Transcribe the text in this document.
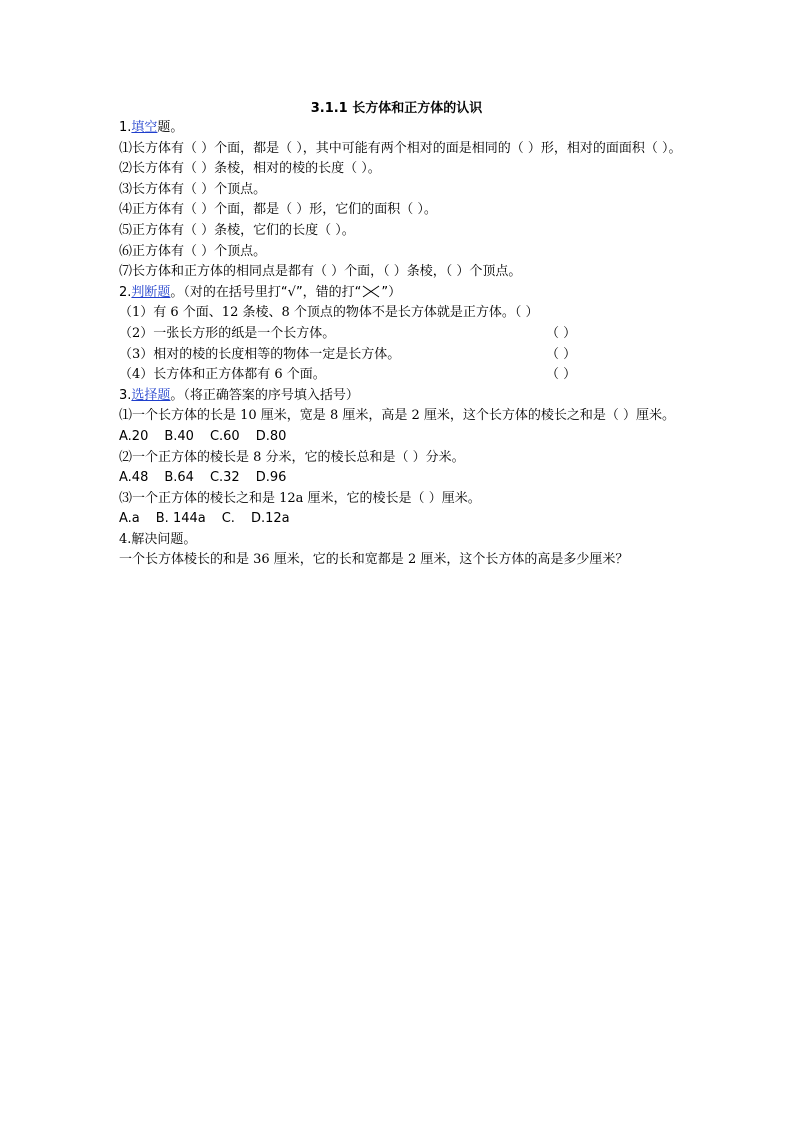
3.1.1 长方体和正方体的认识
1.填空题。
⑴长方体有（ ）个面，都是（ ），其中可能有两个相对的面是相同的（ ）形，相对的面面积（ ）。
⑵长方体有（ ）条棱，相对的棱的长度（ ）。
⑶长方体有（ ）个顶点。
⑷正方体有（ ）个面，都是（ ）形，它们的面积（ ）。
⑸正方体有（ ）条棱，它们的长度（ ）。
⑹正方体有（ ）个顶点。
⑺长方体和正方体的相同点是都有（ ）个面，（ ）条棱，（ ）个顶点。
2.判断题。（对的在括号里打“√”，错的打“ ”）
（1）有 6 个面、12 条棱、8 个顶点的物体不是长方体就是正方体。（ ）
（2）一张长方形的纸是一个长方体。	（ ）
（3）相对的棱的长度相等的物体一定是长方体。	（ ）
（4）长方体和正方体都有 6 个面。	（ ）
3.选择题。（将正确答案的序号填入括号）
⑴一个长方体的长是 10 厘米，宽是 8 厘米，高是 2 厘米，这个长方体的棱长之和是（ ）厘米。
A.20 B.40 C.60 D.80
⑵一个正方体的棱长是 8 分米，它的棱长总和是（ ）分米。
A.48 B.64 C.32 D.96
⑶一个正方体的棱长之和是 12a 厘米，它的棱长是（ ）厘米。
A.a B. 144a C. D.12a
4.解决问题。
一个长方体棱长的和是 36 厘米，它的长和宽都是 2 厘米，这个长方体的高是多少厘米？
